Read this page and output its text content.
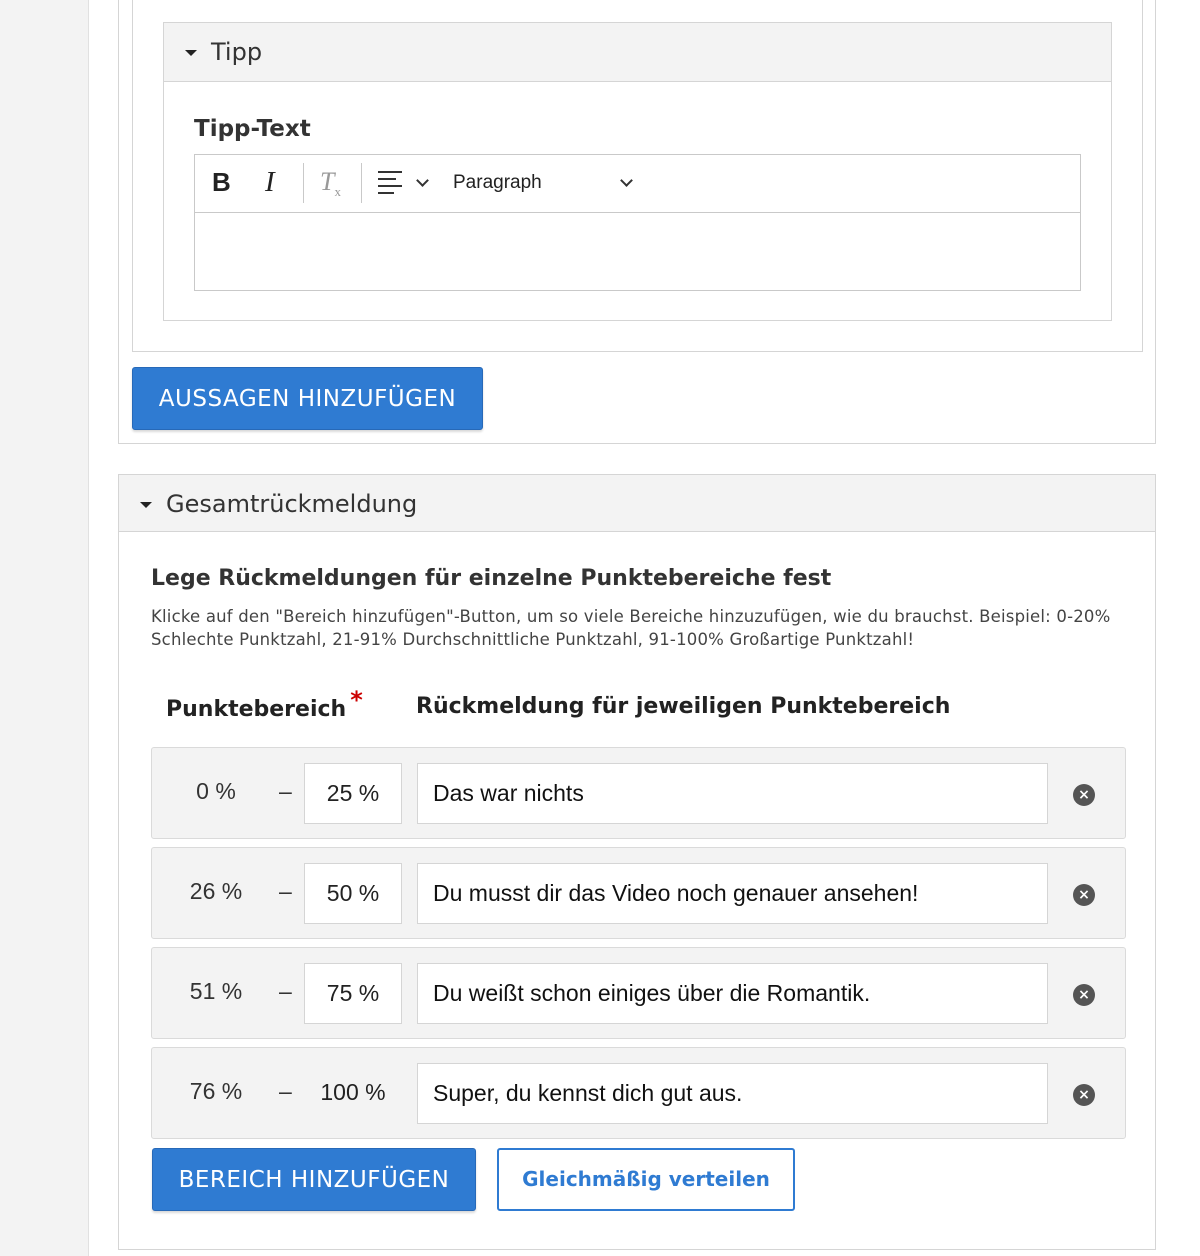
Tipp
Tipp-Text
B I $T_x$	Paragraph
AUSSAGEN HINZUFÜGEN
Gesamtrückmeldung
Lege Rückmeldungen für einzelne Punktebereiche fest
Klicke auf den "Bereich hinzufügen"-Button, um so viele Bereiche hinzuzufügen, wie du brauchst. Beispiel: 0-20% Schlechte Punktzahl, 21-91% Durchschnittliche Punktzahl, 91-100% Großartige Punktzahl!
Punktebereich * Rückmeldung für jeweiligen Punktebereich
0 %	–	25 %	Das war nichts	×
26 %	–	50 %	Du musst dir das Video noch genauer ansehen!	×
51 %	–	75 %	Du weißt schon einiges über die Romantik.	×
76 %	–	100 %	Super, du kennst dich gut aus.	×
BEREICH HINZUFÜGEN	Gleichmäßig verteilen
